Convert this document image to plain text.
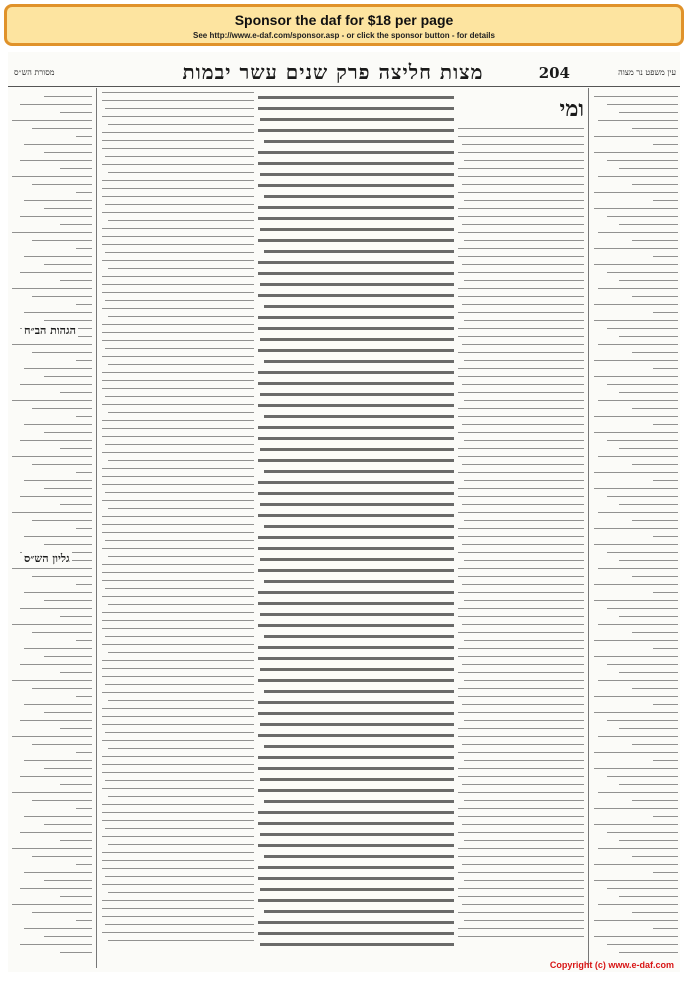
Sponsor the daf for $18 per page
See http://www.e-daf.com/sponsor.asp - or click the sponsor button - for details
מסורת הש״ס	מצות חליצה פרק שנים עשר יבמות	204	עין משפט נר מצוה
הגהות הב״ח
גליון הש״ס
ומי
Copyright (c) www.e-daf.com
